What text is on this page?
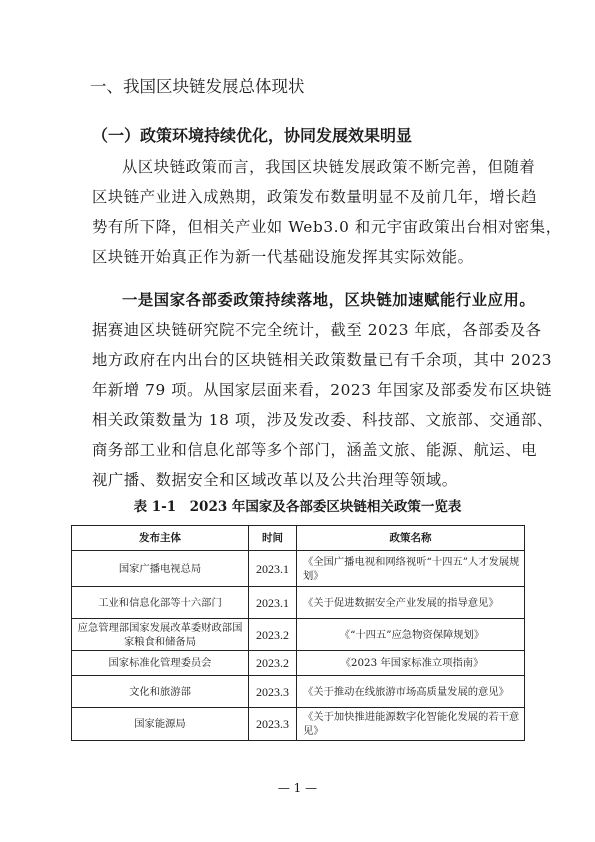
一、我国区块链发展总体现状
（一）政策环境持续优化，协同发展效果明显
从区块链政策而言，我国区块链发展政策不断完善，但随着
区块链产业进入成熟期，政策发布数量明显不及前几年，增长趋
势有所下降，但相关产业如 Web3.0 和元宇宙政策出台相对密集，
区块链开始真正作为新一代基础设施发挥其实际效能。
一是国家各部委政策持续落地，区块链加速赋能行业应用。
据赛迪区块链研究院不完全统计，截至 2023 年底，各部委及各
地方政府在内出台的区块链相关政策数量已有千余项，其中 2023
年新增 79 项。从国家层面来看，2023 年国家及部委发布区块链
相关政策数量为 18 项，涉及发改委、科技部、文旅部、交通部、
商务部工业和信息化部等多个部门，涵盖文旅、能源、航运、电
视广播、数据安全和区域改革以及公共治理等领域。
表 1-1　2023 年国家及各部委区块链相关政策一览表
发布主体	时间	政策名称
国家广播电视总局	2023.1	《全国广播电视和网络视听“十四五”人才发展规划》
工业和信息化部等十六部门	2023.1	《关于促进数据安全产业发展的指导意见》
应急管理部国家发展改革委财政部国家粮食和储备局	2023.2	《“十四五”应急物资保障规划》
国家标准化管理委员会	2023.2	《2023 年国家标准立项指南》
文化和旅游部	2023.3	《关于推动在线旅游市场高质量发展的意见》
国家能源局	2023.3	《关于加快推进能源数字化智能化发展的若干意见》
— 1 —
